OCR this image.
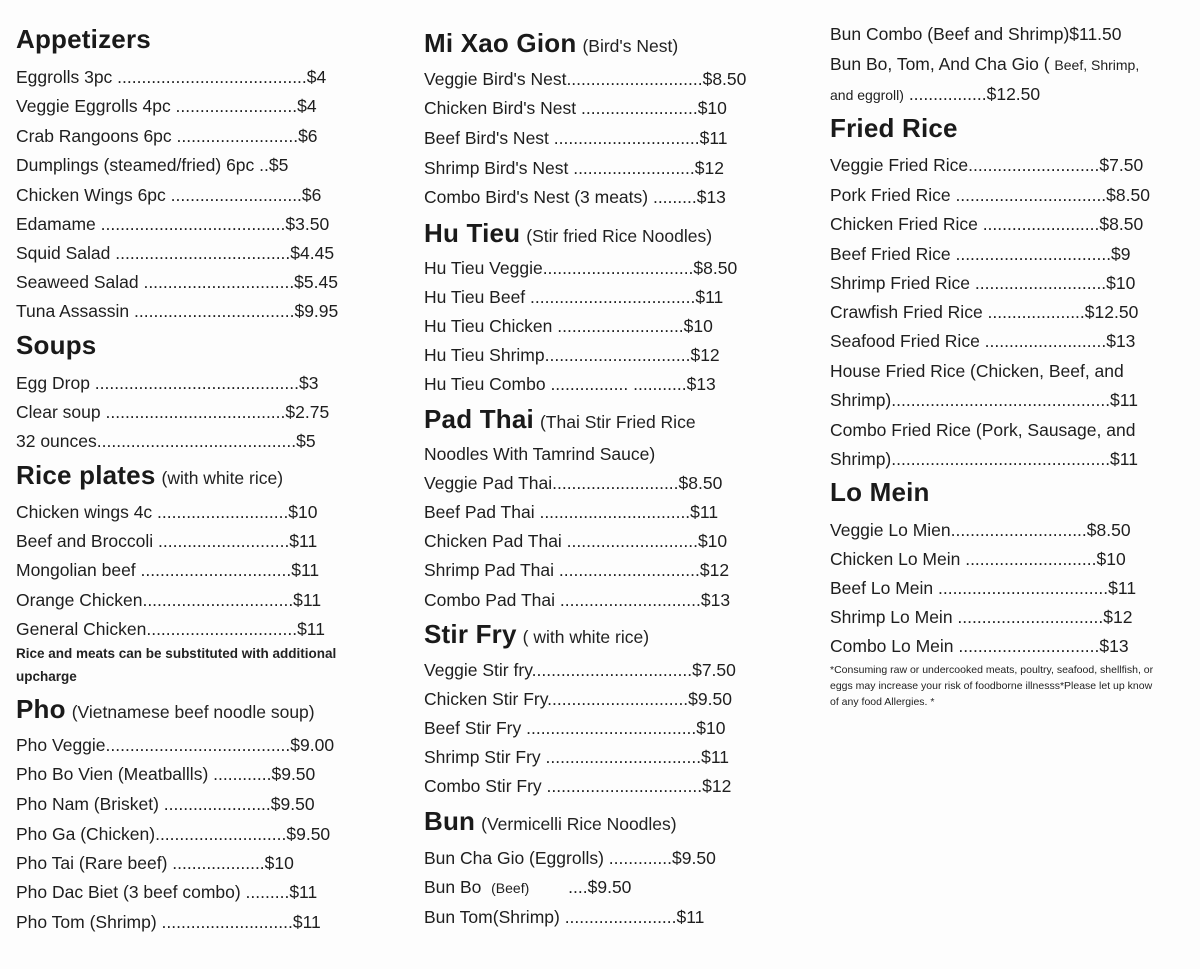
Appetizers
Eggrolls 3pc .......................................$4
Veggie Eggrolls 4pc .........................$4
Crab Rangoons 6pc .........................$6
Dumplings (steamed/fried) 6pc ..$5
Chicken Wings 6pc ...........................$6
Edamame ......................................$3.50
Squid Salad ....................................$4.45
Seaweed Salad ...............................$5.45
Tuna Assassin .................................$9.95
Soups
Egg Drop ..........................................$3
Clear soup .....................................$2.75
32 ounces.........................................$5
Rice plates (with white rice)
Chicken wings 4c ...........................$10
Beef and Broccoli ...........................$11
Mongolian beef ...............................$11
Orange Chicken...............................$11
General Chicken...............................$11
Rice and meats can be substituted with additional
upcharge
Pho (Vietnamese beef noodle soup)
Pho Veggie......................................$9.00
Pho Bo Vien (Meatballls) ............$9.50
Pho Nam (Brisket) ......................$9.50
Pho Ga (Chicken)...........................$9.50
Pho Tai (Rare beef) ...................$10
Pho Dac Biet (3 beef combo) .........$11
Pho Tom (Shrimp) ...........................$11
Mi Xao Gion (Bird's Nest)
Veggie Bird's Nest............................$8.50
Chicken Bird's Nest ........................$10
Beef Bird's Nest ..............................$11
Shrimp Bird's Nest .........................$12
Combo Bird's Nest (3 meats) .........$13
Hu Tieu (Stir fried Rice Noodles)
Hu Tieu Veggie...............................$8.50
Hu Tieu Beef ..................................$11
Hu Tieu Chicken ..........................$10
Hu Tieu Shrimp..............................$12
Hu Tieu Combo ................ ...........$13
Pad Thai (Thai Stir Fried Rice
Noodles With Tamrind Sauce)
Veggie Pad Thai..........................$8.50
Beef Pad Thai ...............................$11
Chicken Pad Thai ...........................$10
Shrimp Pad Thai .............................$12
Combo Pad Thai .............................$13
Stir Fry ( with white rice)
Veggie Stir fry.................................$7.50
Chicken Stir Fry.............................$9.50
Beef Stir Fry ...................................$10
Shrimp Stir Fry ................................$11
Combo Stir Fry ................................$12
Bun (Vermicelli Rice Noodles)
Bun Cha Gio (Eggrolls) .............$9.50
Bun Bo (Beef) ....$9.50
Bun Tom(Shrimp) .......................$11
Bun Combo (Beef and Shrimp)$11.50
Bun Bo, Tom, And Cha Gio ( Beef, Shrimp,
and eggroll) ................$12.50
Fried Rice
Veggie Fried Rice...........................$7.50
Pork Fried Rice ...............................$8.50
Chicken Fried Rice ........................$8.50
Beef Fried Rice ................................$9
Shrimp Fried Rice ...........................$10
Crawfish Fried Rice ....................$12.50
Seafood Fried Rice .........................$13
House Fried Rice (Chicken, Beef, and
Shrimp).............................................$11
Combo Fried Rice (Pork, Sausage, and
Shrimp).............................................$11
Lo Mein
Veggie Lo Mien............................$8.50
Chicken Lo Mein ...........................$10
Beef Lo Mein ...................................$11
Shrimp Lo Mein ..............................$12
Combo Lo Mein .............................$13
*Consuming raw or undercooked meats, poultry, seafood, shellfish, or
eggs may increase your risk of foodborne illnesss*Please let up know
of any food Allergies. *
